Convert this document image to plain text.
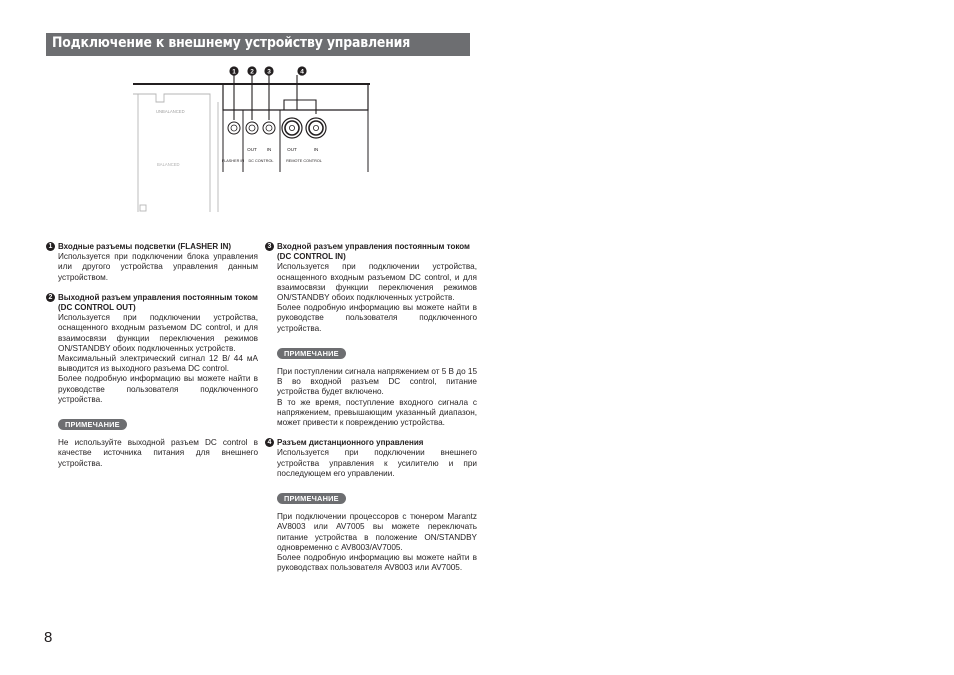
Подключение к внешнему устройству управления
UNBALANCED
BALANCED
1 2 3	4
OUT IN	OUT	IN
FLASHER IN DC CONTROL	REMOTE CONTROL
1 Входные разъемы подсветки (FLASHER IN)
Используется при подключении блока управления или другого устройства управления данным устройством.
2 Выходной разъем управления постоянным током (DC CONTROL OUT)

Используется при подключении устройства, оснащенного входным разъемом DC control, и для взаимосвязи функции переключения режимов ON/STANDBY обоих подключенных устройств.

Максимальный электрический сигнал 12 В/ 44 мА выводится из выходного разъема DC control.

Более подробную информацию вы можете найти в руководстве пользователя подключенного устройства.

ПРИМЕЧАНИЕ

Не используйте выходной разъем DC control в качестве источника питания для внешнего устройства.

3 Входной разъем управления постоянным током (DC CONTROL IN)

Используется при подключении устройства, оснащенного входным разъемом DC control, и для взаимосвязи функции переключения режимов ON/STANDBY обоих подключенных устройств.

Более подробную информацию вы можете найти в руководстве пользователя подключенного устройства.

ПРИМЕЧАНИЕ

При поступлении сигнала напряжением от 5 В до 15 В во входной разъем DC control, питание устройства будет включено.

В то же время, поступление входного сигнала с напряжением, превышающим указанный диапазон, может привести к повреждению устройства.

4 Разъем дистанционного управления
Используется при подключении внешнего устройства управления к усилителю и при последующем его управлении.
ПРИМЕЧАНИЕ

При подключении процессоров с тюнером Marantz AV8003 или AV7005 вы можете переключать питание устройства в положение ON/STANDBY одновременно с AV8003/AV7005.

Более подробную информацию вы можете найти в руководствах пользователя AV8003 или AV7005.

8
